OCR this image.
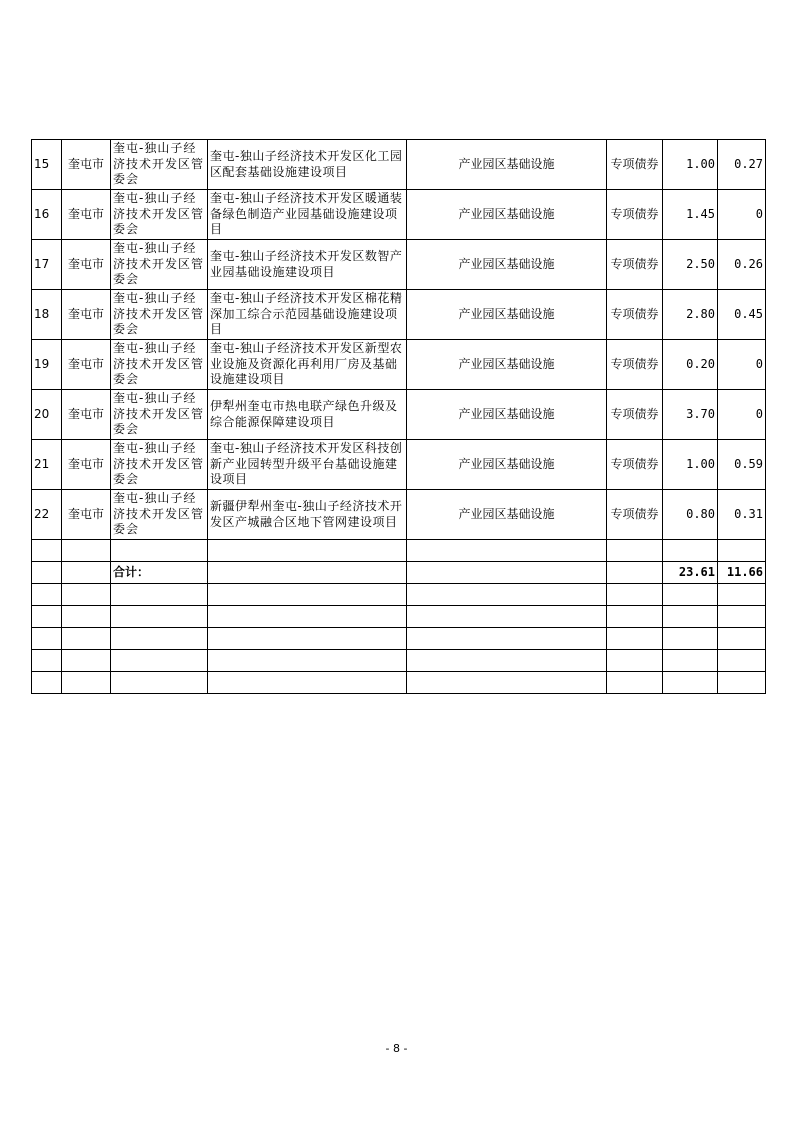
15	奎屯市	奎屯-独山子经济技术开发区管委会	奎屯-独山子经济技术开发区化工园区配套基础设施建设项目	产业园区基础设施	专项债券	1.00	0.27
16	奎屯市	奎屯-独山子经济技术开发区管委会	奎屯-独山子经济技术开发区暖通装备绿色制造产业园基础设施建设项目	产业园区基础设施	专项债券	1.45	0
17	奎屯市	奎屯-独山子经济技术开发区管委会	奎屯-独山子经济技术开发区数智产业园基础设施建设项目	产业园区基础设施	专项债券	2.50	0.26
18	奎屯市	奎屯-独山子经济技术开发区管委会	奎屯-独山子经济技术开发区棉花精深加工综合示范园基础设施建设项目	产业园区基础设施	专项债券	2.80	0.45
19	奎屯市	奎屯-独山子经济技术开发区管委会	奎屯-独山子经济技术开发区新型农业设施及资源化再利用厂房及基础设施建设项目	产业园区基础设施	专项债券	0.20	0
20	奎屯市	奎屯-独山子经济技术开发区管委会	伊犁州奎屯市热电联产绿色升级及综合能源保障建设项目	产业园区基础设施	专项债券	3.70	0
21	奎屯市	奎屯-独山子经济技术开发区管委会	奎屯-独山子经济技术开发区科技创新产业园转型升级平台基础设施建设项目	产业园区基础设施	专项债券	1.00	0.59
22	奎屯市	奎屯-独山子经济技术开发区管委会	新疆伊犁州奎屯-独山子经济技术开发区产城融合区地下管网建设项目	产业园区基础设施	专项债券	0.80	0.31

		合计：				23.61	11.66

- 8 -
